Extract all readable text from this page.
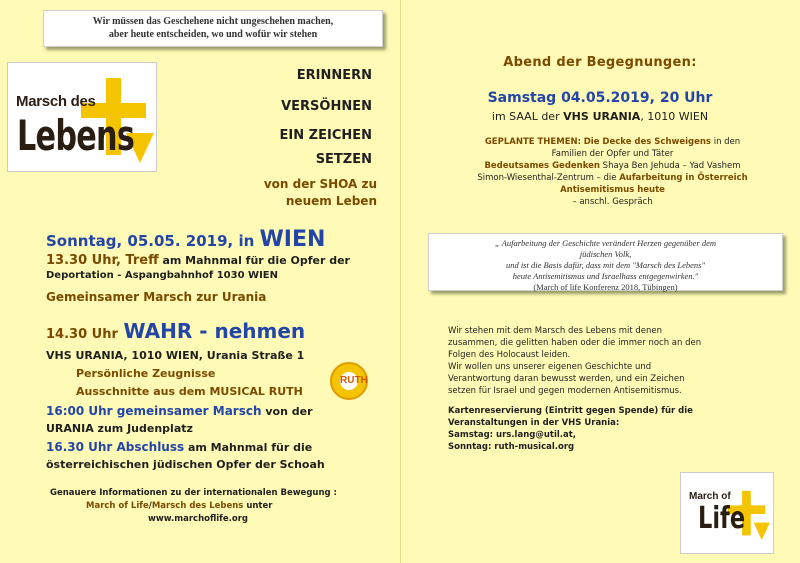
Wir müssen das Geschehene nicht ungeschehen machen,
aber heute entscheiden, wo und wofür wir stehen
Marsch des
Lebens
ERINNERN
VERSÖHNEN
EIN ZEICHEN
SETZEN
von der SHOA zu
neuem Leben
Sonntag, 05.05. 2019, in WIEN
13.30 Uhr, Treff am Mahnmal für die Opfer der
Deportation - Aspangbahnhof 1030 WIEN
Gemeinsamer Marsch zur Urania
14.30 Uhr WAHR - nehmen
VHS URANIA, 1010 WIEN, Urania Straße 1
Persönliche Zeugnisse
Ausschnitte aus dem MUSICAL RUTH
RUTH
16:00 Uhr gemeinsamer Marsch von der
URANIA zum Judenplatz
16.30 Uhr Abschluss am Mahnmal für die
österreichischen jüdischen Opfer der Schoah
Genauere Informationen zu der internationalen Bewegung :
March of Life/Marsch des Lebens unter
www.marchoflife.org
Abend der Begegnungen:
Samstag 04.05.2019, 20 Uhr
im SAAL der VHS URANIA, 1010 WIEN
GEPLANTE THEMEN: Die Decke des Schweigens in den
Familien der Opfer und Täter
Bedeutsames Gedenken Shaya Ben Jehuda – Yad Vashem
Simon-Wiesenthal-Zentrum – die Aufarbeitung in Österreich
Antisemitismus heute
– anschl. Gespräch
„ Aufarbeitung der Geschichte verändert Herzen gegenüber dem
jüdischen Volk,
und ist die Basis dafür, dass mit dem "Marsch des Lebens"
heute Antisemitismus und Israelhass entgegenwirken."
(March of life Konferenz 2018, Tübingen)
Wir stehen mit dem Marsch des Lebens mit denen
zusammen, die gelitten haben oder die immer noch an den
Folgen des Holocaust leiden.
Wir wollen uns unserer eigenen Geschichte und
Verantwortung daran bewusst werden, und ein Zeichen
setzen für Israel und gegen modernen Antisemitismus.
Kartenreservierung (Eintritt gegen Spende) für die
Veranstaltungen in der VHS Urania:
Samstag: urs.lang@util.at,
Sonntag: ruth-musical.org
March of
Life
